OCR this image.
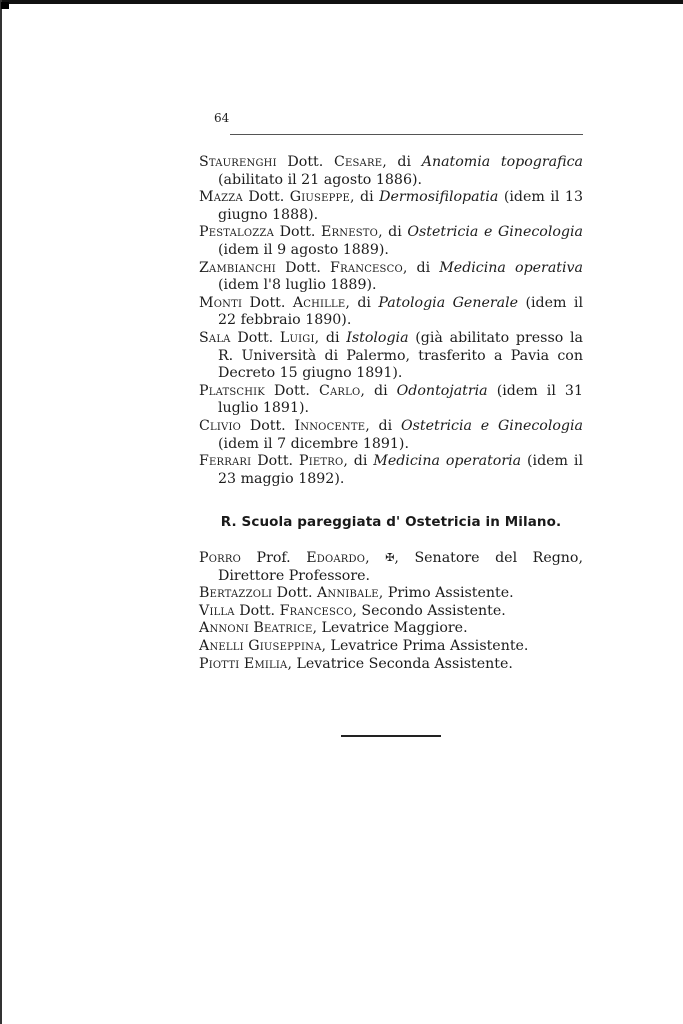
64
Staurenghi Dott. Cesare, di Anatomia topografica (abilitato il 21 agosto 1886).
Mazza Dott. Giuseppe, di Dermosifilopatia (idem il 13 giugno 1888).
Pestalozza Dott. Ernesto, di Ostetricia e Ginecologia (idem il 9 agosto 1889).
Zambianchi Dott. Francesco, di Medicina operativa (idem l'8 luglio 1889).
Monti Dott. Achille, di Patologia Generale (idem il 22 febbraio 1890).
Sala Dott. Luigi, di Istologia (già abilitato presso la R. Università di Palermo, trasferito a Pavia con Decreto 15 giugno 1891).
Platschik Dott. Carlo, di Odontojatria (idem il 31 luglio 1891).
Clivio Dott. Innocente, di Ostetricia e Ginecologia (idem il 7 dicembre 1891).
Ferrari Dott. Pietro, di Medicina operatoria (idem il 23 maggio 1892).
R. Scuola pareggiata d' Ostetricia in Milano.
Porro Prof. Edoardo, ✠, Senatore del Regno, Direttore Professore.
Bertazzoli Dott. Annibale, Primo Assistente.
Villa Dott. Francesco, Secondo Assistente.
Annoni Beatrice, Levatrice Maggiore.
Anelli Giuseppina, Levatrice Prima Assistente.
Piotti Emilia, Levatrice Seconda Assistente.
